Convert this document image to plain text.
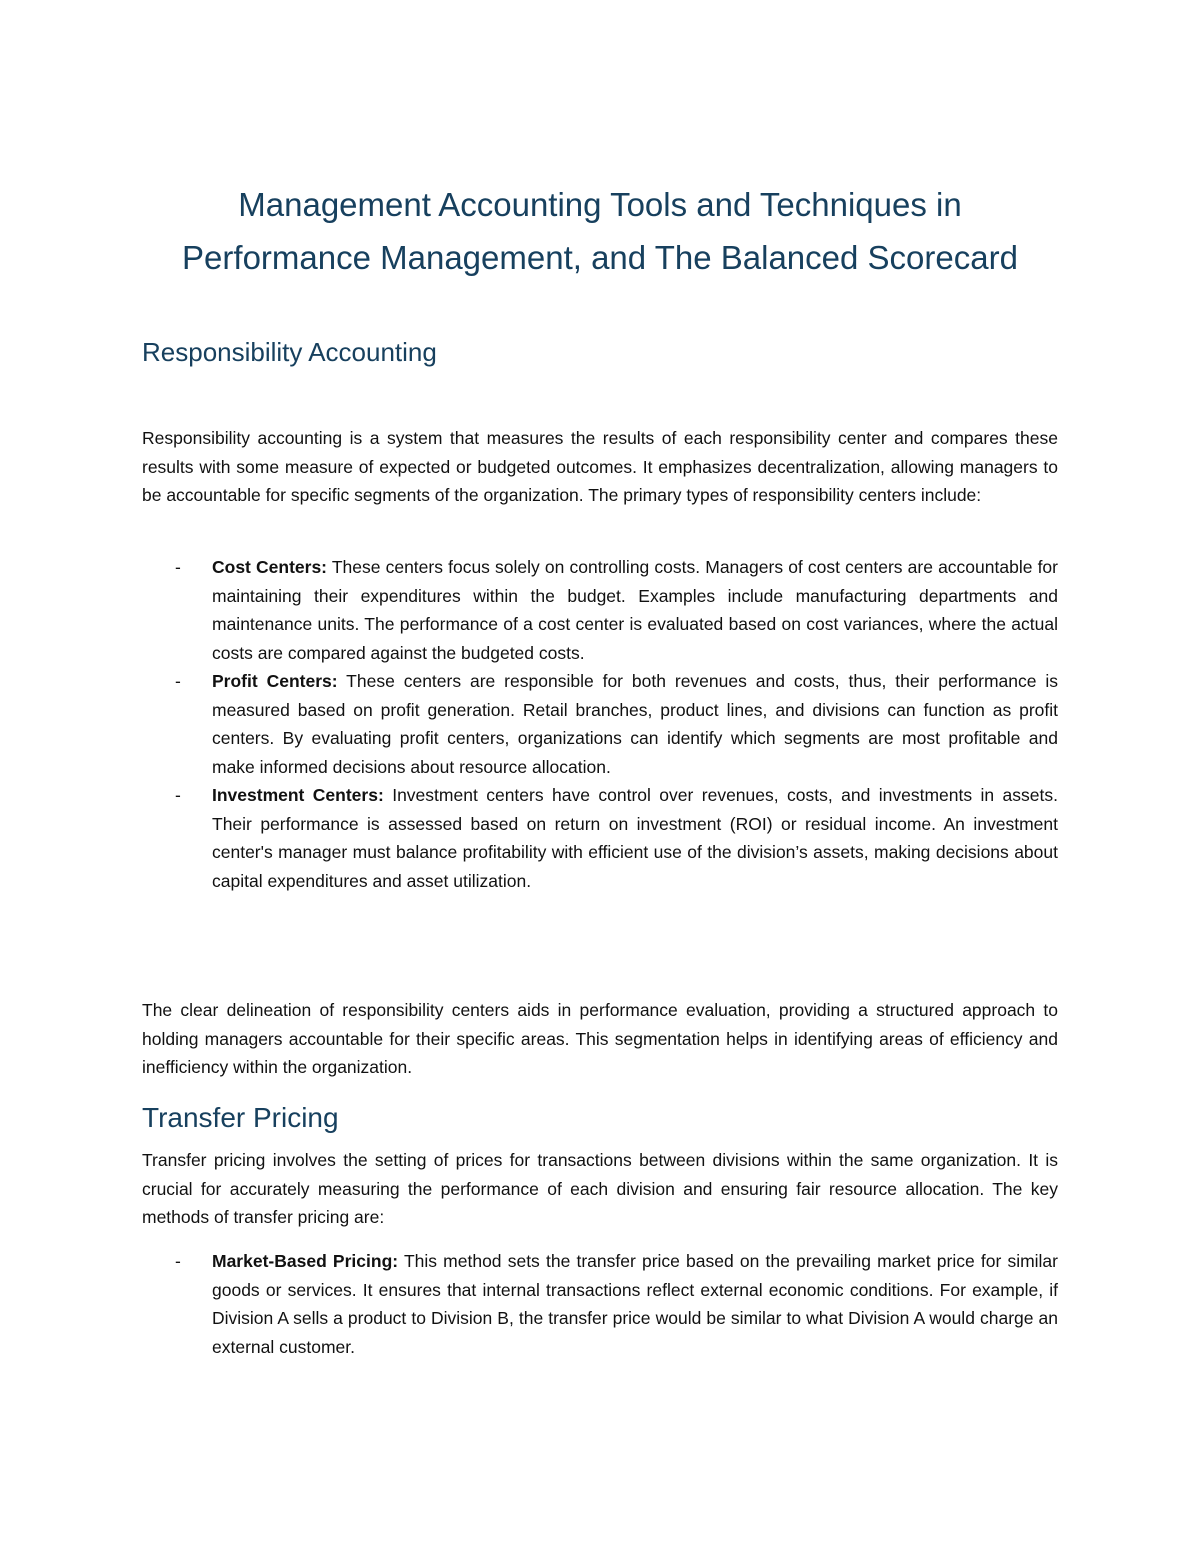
Management Accounting Tools and Techniques in
Performance Management, and The Balanced Scorecard
Responsibility Accounting

Responsibility accounting is a system that measures the results of each responsibility center and compares these results with some measure of expected or budgeted outcomes. It emphasizes decentralization, allowing managers to be accountable for specific segments of the organization. The primary types of responsibility centers include:

- Cost Centers: These centers focus solely on controlling costs. Managers of cost centers are accountable for maintaining their expenditures within the budget. Examples include manufacturing departments and maintenance units. The performance of a cost center is evaluated based on cost variances, where the actual costs are compared against the budgeted costs.
- Profit Centers: These centers are responsible for both revenues and costs, thus, their performance is measured based on profit generation. Retail branches, product lines, and divisions can function as profit centers. By evaluating profit centers, organizations can identify which segments are most profitable and make informed decisions about resource allocation.
- Investment Centers: Investment centers have control over revenues, costs, and investments in assets. Their performance is assessed based on return on investment (ROI) or residual income. An investment center's manager must balance profitability with efficient use of the division’s assets, making decisions about capital expenditures and asset utilization.

The clear delineation of responsibility centers aids in performance evaluation, providing a structured approach to holding managers accountable for their specific areas. This segmentation helps in identifying areas of efficiency and inefficiency within the organization.

Transfer Pricing

Transfer pricing involves the setting of prices for transactions between divisions within the same organization. It is crucial for accurately measuring the performance of each division and ensuring fair resource allocation. The key methods of transfer pricing are:

- Market-Based Pricing: This method sets the transfer price based on the prevailing market price for similar goods or services. It ensures that internal transactions reflect external economic conditions. For example, if Division A sells a product to Division B, the transfer price would be similar to what Division A would charge an external customer.
